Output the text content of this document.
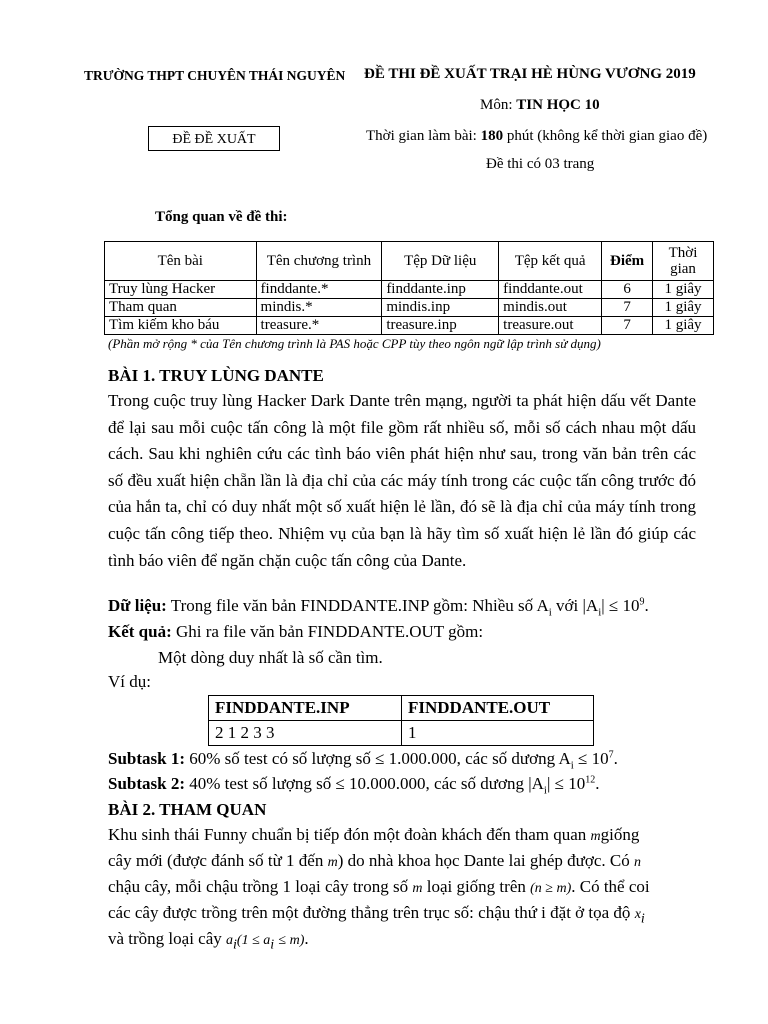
TRƯỜNG THPT CHUYÊN THÁI NGUYÊN ĐỀ THI ĐỀ XUẤT TRẠI HÈ HÙNG VƯƠNG 2019
Môn: TIN HỌC 10
ĐỀ ĐỀ XUẤT	Thời gian làm bài: 180 phút (không kể thời gian giao đề)
Đề thi có 03 trang
Tổng quan về đề thi:
Tên bài	Tên chương trình	Tệp Dữ liệu	Tệp kết quả	Điểm	Thời gian
Truy lùng Hacker	finddante.*	finddante.inp	finddante.out	6	1 giây
Tham quan	mindis.*	mindis.inp	mindis.out	7	1 giây
Tìm kiếm kho báu	treasure.*	treasure.inp	treasure.out	7	1 giây
(Phần mở rộng * của Tên chương trình là PAS hoặc CPP tùy theo ngôn ngữ lập trình sử dụng)
BÀI 1. TRUY LÙNG DANTE
Trong cuộc truy lùng Hacker Dark Dante trên mạng, người ta phát hiện dấu vết Dante để lại sau mỗi cuộc tấn công là một file gồm rất nhiều số, mỗi số cách nhau một dấu cách. Sau khi nghiên cứu các tình báo viên phát hiện như sau, trong văn bản trên các số đều xuất hiện chẵn lần là địa chỉ của các máy tính trong các cuộc tấn công trước đó của hắn ta, chỉ có duy nhất một số xuất hiện lẻ lần, đó sẽ là địa chỉ của máy tính trong cuộc tấn công tiếp theo. Nhiệm vụ của bạn là hãy tìm số xuất hiện lẻ lần đó giúp các tình báo viên để ngăn chặn cuộc tấn công của Dante.
Dữ liệu: Trong file văn bản FINDDANTE.INP gồm: Nhiều số $A_i$ với $|A_i| \le 10^9$.
Kết quả: Ghi ra file văn bản FINDDANTE.OUT gồm:
Một dòng duy nhất là số cần tìm.
Ví dụ:
FINDDANTE.INP	FINDDANTE.OUT
2 1 2 3 3	1
Subtask 1: 60% số test có số lượng số ≤ 1.000.000, các số dương $A_i \le 10^7$.
Subtask 2: 40% test số lượng số ≤ 10.000.000, các số dương $|A_i| \le 10^{12}$.
BÀI 2. THAM QUAN
Khu sinh thái Funny chuẩn bị tiếp đón một đoàn khách đến tham quan mgiống
cây mới (được đánh số từ 1 đến m) do nhà khoa học Dante lai ghép được. Có n
chậu cây, mỗi chậu trồng 1 loại cây trong số m loại giống trên (n ≥ m). Có thể coi
các cây được trồng trên một đường thẳng trên trục số: chậu thứ i đặt ở tọa độ $x_i$
và trồng loại cây $a_i(1 \le a_i \le m)$.
